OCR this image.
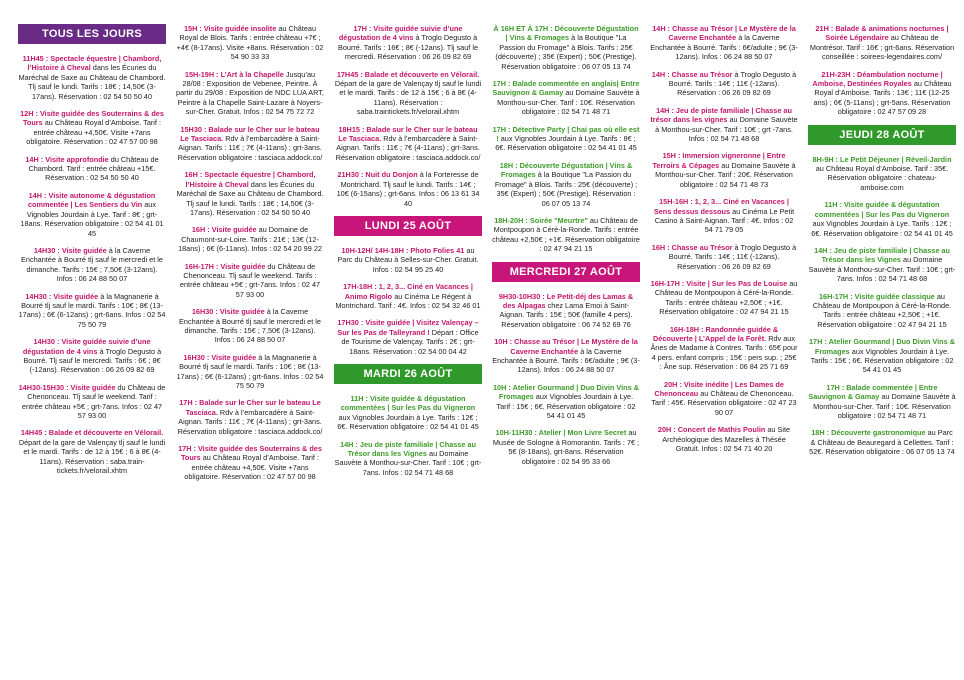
TOUS LES JOURS
11H45 : Spectacle équestre | Chambord, l’Histoire à Cheval dans les Écuries du Maréchal de Saxe au Château de Chambord. Tlj sauf le lundi. Tarifs : 18€ ; 14,50€ (3-17ans). Réservation : 02 54 50 50 40
12H : Visite guidée des Souterrains & des Tours au Château Royal d’Amboise. Tarif : entrée château +4,50€. Visite +7ans obligatoire. Réservation : 02 47 57 00 98
14H : Visite approfondie du Château de Chambord. Tarif : entrée château +15€. Réservation : 02 54 50 50 40
14H : Visite autonome & dégustation commentée | Les Sentiers du Vin aux Vignobles Jourdain à Lye. Tarif : 8€ ; grt-18ans. Réservation obligatoire : 02 54 41 01 45
14H30 : Visite guidée à la Caverne Enchantée à Bourré tlj sauf le mercredi et le dimanche. Tarifs : 15€ ; 7,50€ (3-12ans). Infos : 06 24 88 50 07
14H30 : Visite guidée à la Magnanerie à Bourré tlj sauf le mardi. Tarifs : 10€ ; 8€ (13-17ans) ; 6€ (6-12ans) ; grt-6ans. Infos : 02 54 75 50 79
14H30 : Visite guidée suivie d’une dégustation de 4 vins à Troglo Degusto à Bourré. Tlj sauf le mercredi. Tarifs : 6€ ; 8€ (-12ans). Réservation : 06 26 09 82 69
14H30-15H30 : Visite guidée du Château de Chenonceau. Tlj sauf le weekend. Tarif : entrée château +5€ ; grt-7ans. Infos : 02 47 57 93 00
14H45 : Balade et découverte en Vélorail. Départ de la gare de Valençay tlj sauf le lundi et le mardi. Tarifs : de 12 à 15€ ; 6 à 8€ (4-11ans). Réservation : saba.train-tickets.fr/velorail.xhtm
15H : Visite guidée insolite au Château Royal de Blois. Tarifs : entrée château +7€ ; +4€ (8-17ans). Visite +8ans. Réservation : 02 54 90 33 33
15H-19H : L’Art à la Chapelle Jusqu’au 28/08 : Exposition de Vebenee, Peintre. À partir du 29/08 : Exposition de NDC LUA ART, Peintre à la Chapelle Saint-Lazare à Noyers-sur-Cher. Gratuit. Infos : 02 54 75 72 72
15H30 : Balade sur le Cher sur le bateau Le Tasciaca. Rdv à l’embarcadère à Saint-Aignan. Tarifs : 11€ ; 7€ (4-11ans) ; grt-3ans. Réservation obligatoire : tasciaca.addock.co/
16H : Spectacle équestre | Chambord, l’Histoire à Cheval dans les Écuries du Maréchal de Saxe au Château de Chambord. Tlj sauf le lundi. Tarifs : 18€ ; 14,50€ (3-17ans). Réservation : 02 54 50 50 40
16H : Visite guidée au Domaine de Chaumont-sur-Loire. Tarifs : 21€ ; 13€ (12-18ans) ; 6€ (6-11ans). Infos : 02 54 20 99 22
16H-17H : Visite guidée du Château de Chenonceau. Tlj sauf le weekend. Tarifs : entrée château +5€ ; grt-7ans. Infos : 02 47 57 93 00
16H30 : Visite guidée à la Caverne Enchantée à Bourré tlj sauf le mercredi et le dimanche. Tarifs : 15€ ; 7,50€ (3-12ans). Infos : 06 24 88 50 07
16H30 : Visite guidée à la Magnanerie à Bourré tlj sauf le mardi. Tarifs : 10€ ; 8€ (13-17ans) ; 6€ (6-12ans) ; grt-6ans. Infos : 02 54 75 50 79
17H : Balade sur le Cher sur le bateau Le Tasciaca. Rdv à l’embarcadère à Saint-Aignan. Tarifs : 11€ ; 7€ (4-11ans) ; grt-3ans. Réservation obligatoire : tasciaca.addock.co/
17H : Visite guidée des Souterrains & des Tours au Château Royal d’Amboise. Tarif : entrée château +4,50€. Visite +7ans obligatoire. Réservation : 02 47 57 00 98
17H : Visite guidée suivie d’une dégustation de 4 vins à Troglo Degusto à Bourré. Tarifs : 16€ ; 8€ (-12ans). Tlj sauf le mercredi. Réservation : 06 26 09 82 69
17H45 : Balade et découverte en Vélorail. Départ de la gare de Valençay tlj sauf le lundi et le mardi. Tarifs : de 12 à 15€ ; 6 à 8€ (4-11ans). Réservation : saba.traintickets.fr/velorail.xhtm
18H15 : Balade sur le Cher sur le bateau Le Tasciaca. Rdv à l’embarcadère à Saint-Aignan. Tarifs : 11€ ; 7€ (4-11ans) ; grt-3ans. Réservation obligatoire : tasciaca.addock.co/
21H30 : Nuit du Donjon à la Forteresse de Montrichard. Tlj sauf le lundi. Tarifs : 14€ ; 10€ (6-15ans) ; grt-6ans. Infos : 06 13 61 34 40
LUNDI 25 AOÛT
10H-12H/ 14H-18H : Photo Folies 41 au Parc du Château à Selles-sur-Cher. Gratuit. Infos : 02 54 95 25 40
17H-18H : 1, 2, 3... Ciné en Vacances | Animo Rigolo au Cinéma Le Régent à Montrichard. Tarif : 4€. Infos : 02 54 32 46 01
17H30 : Visite guidée | Visitez Valençay – Sur les Pas de Talleyrand ! Départ : Office de Tourisme de Valençay. Tarifs : 2€ ; grt-18ans. Réservation : 02 54 00 04 42
MARDI 26 AOÛT
11H : Visite guidée & dégustation commentées | Sur les Pas du Vigneron aux Vignobles Jourdain à Lye. Tarifs : 12€ ; 6€. Réservation obligatoire : 02 54 41 01 45
14H : Jeu de piste familiale | Chasse au Trésor dans les Vignes au Domaine Sauvète à Monthou-sur-Cher. Tarif : 10€ ; grt-7ans. Infos : 02 54 71 48 68
À 16H ET À 17H : Découverte Dégustation | Vins & Fromages à la Boutique "La Passion du Fromage" à Blois. Tarifs : 25€ (découverte) ; 35€ (Expert) ; 50€ (Prestige). Réservation obligatoire : 06 07 05 13 74
17H : Balade commentée en anglais| Entre Sauvignon & Gamay au Domaine Sauvète à Monthou-sur-Cher. Tarif : 10€. Réservation obligatoire : 02 54 71 48 71
17H : Détective Party | Chai pas où elle est ! aux Vignobles Jourdain à Lye. Tarifs : 8€ ; 6€. Réservation obligatoire : 02 54 41 01 45
18H : Découverte Dégustation | Vins & Fromages à la Boutique "La Passion du Fromage" à Blois. Tarifs : 25€ (découverte) ; 35€ (Expert) ; 50€ (Prestige). Réservation : 06 07 05 13 74
18H-20H : Soirée "Meurtre" au Château de Montpoupon à Céré-la-Ronde. Tarifs : entrée château +2,50€ ; +1€. Réservation obligatoire : 02 47 94 21 15
MERCREDI 27 AOÛT
9H30-10H30 : Le Petit-déj des Lamas & des Alpagas chez Lama Emoi à Saint-Aignan. Tarifs : 15€ ; 50€ (famille 4 pers). Réservation obligatoire : 06 74 52 69 76
10H : Chasse au Trésor | Le Mystère de la Caverne Enchantée à la Caverne Enchantée à Bourré. Tarifs : 6€/adulte ; 9€ (3-12ans). Infos : 06 24 88 50 07
10H : Atelier Gourmand | Duo Divin Vins & Fromages aux Vignobles Jourdain à Lye. Tarif : 15€ ; 6€. Réservation obligatoire : 02 54 41 01 45
10H-11H30 : Atelier | Mon Livre Secret au Musée de Sologne à Romorantin. Tarifs : 7€ ; 5€ (8-18ans), grt-8ans. Réservation obligatoire : 02 54 95 33 66
14H : Chasse au Trésor | Le Mystère de la Caverne Enchantée à la Caverne Enchantée à Bourré. Tarifs : 6€/adulte ; 9€ (3-12ans). Infos : 06 24 88 50 07
14H : Chasse au Trésor à Troglo Degusto à Bourré. Tarifs : 14€ ; 11€ (-12ans). Réservation : 06 26 09 82 69
14H : Jeu de piste familiale | Chasse au trésor dans les vignes au Domaine Sauvète à Monthou-sur-Cher. Tarif : 10€ ; grt -7ans. Infos : 02 54 71 48 68
15H : Immersion vigneronne | Entre Terroirs & Cépages au Domaine Sauvète à Monthou-sur-Cher. Tarif : 20€. Réservation obligatoire : 02 54 71 48 73
15H-16H : 1, 2, 3... Ciné en Vacances | Sens dessus dessous au Cinéma Le Petit Casino à Saint-Aignan. Tarif : 4€. Infos : 02 54 71 79 05
16H : Chasse au Trésor à Troglo Degusto à Bourré. Tarifs : 14€ ; 11€ (-12ans). Réservation : 06 26 09 82 69
16H-17H : Visite | Sur les Pas de Louise au Château de Montpoupon à Céré-la-Ronde. Tarifs : entrée château +2,50€ ; +1€. Réservation obligatoire : 02 47 94 21 15
16H-18H : Randonnée guidée & Découverte | L’Appel de la Forêt. Rdv aux Ânes de Madame à Contres. Tarifs : 65€ pour 4 pers. enfant compris ; 15€ : pers sup. ; 25€ : Âne sup. Réservation : 06 84 25 71 69
20H : Visite inédite | Les Dames de Chenonceau au Château de Chenonceau. Tarif : 45€. Réservation obligatoire : 02 47 23 90 07
20H : Concert de Mathis Poulin au Site Archéologique des Mazelles à Thésée Gratuit. Infos : 02 54 71 40 20
21H : Balade & animations nocturnes | Soirée Légendaire au Château de Montrésor. Tarif : 16€ ; grt-6ans. Réservation conseillée : soirees-legendaires.com/
21H-23H : Déambulation nocturne | Amboise, Destinées Royales au Château Royal d’Amboise. Tarifs : 13€ ; 11€ (12-25 ans) ; 6€ (5-11ans) ; grt-5ans. Réservation obligatoire : 02 47 57 09 28
JEUDI 28 AOÛT
8H-9H : Le Petit Déjeuner | Réveil-Jardin au Château Royal d’Amboise. Tarif : 35€. Réservation obligatoire : chateau-amboise.com
11H : Visite guidée & dégustation commentées | Sur les Pas du Vigneron aux Vignobles Jourdain à Lye. Tarifs : 12€ ; 6€. Réservation obligatoire : 02 54 41 01 45
14H : Jeu de piste familiale | Chasse au Trésor dans les Vignes au Domaine Sauvète à Monthou-sur-Cher. Tarif : 10€ ; grt-7ans. Infos : 02 54 71 48 68
16H-17H : Visite guidée classique au Château de Montpoupon à Céré-la-Ronde. Tarifs : entrée château +2,50€ ; +1€. Réservation obligatoire : 02 47 94 21 15
17H : Atelier Gourmand | Duo Divin Vins & Fromages aux Vignobles Jourdain à Lye. Tarifs : 15€ ; 6€. Réservation obligatoire : 02 54 41 01 45
17H : Balade commentée | Entre Sauvignon & Gamay au Domaine Sauvète à Monthou-sur-Cher. Tarif : 10€. Réservation obligatoire : 02 54 71 48 71
18H : Découverte gastronomique au Parc & Château de Beauregard à Cellettes. Tarif : 52€. Réservation obligatoire : 06 07 05 13 74
